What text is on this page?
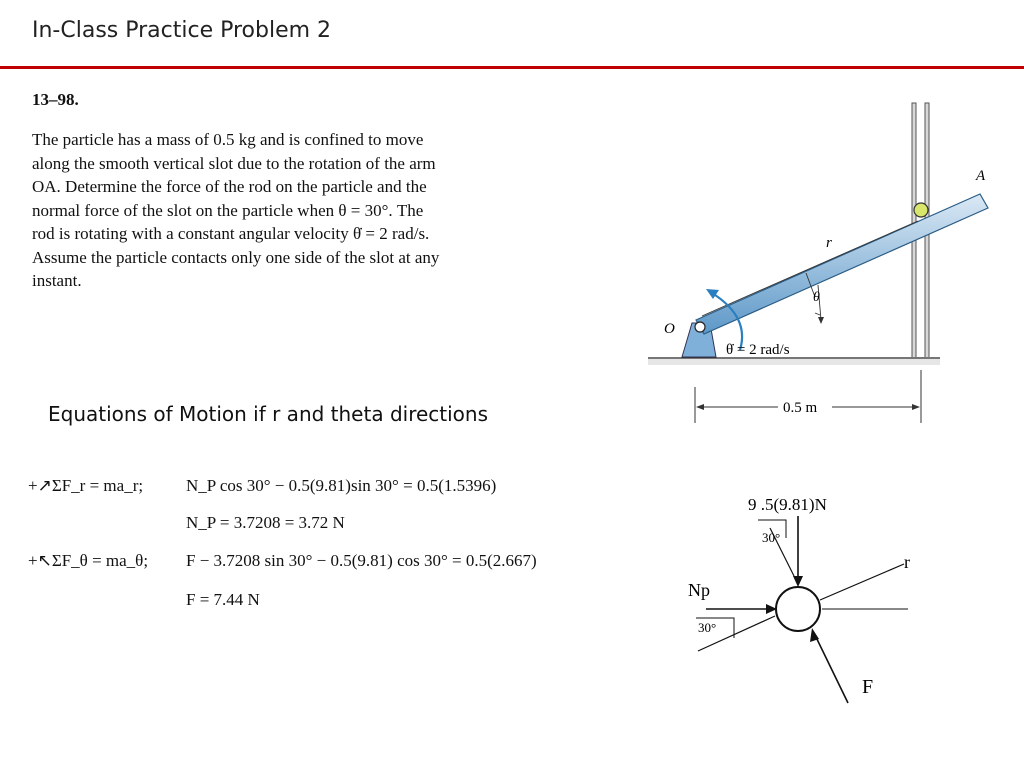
In-Class Practice Problem 2
13–98.
The particle has a mass of 0.5 kg and is confined to move
along the smooth vertical slot due to the rotation of the arm
OA. Determine the force of the rod on the particle and the
normal force of the slot on the particle when θ = 30°. The
rod is rotating with a constant angular velocity θ̇ = 2 rad/s.
Assume the particle contacts only one side of the slot at any
instant.
A
O
r
θ
θ̇ = 2 rad/s
0.5 m
Equations of Motion if r and theta directions
+↗ΣF_r = ma_r;	N_P cos 30° − 0.5(9.81)sin 30° = 0.5(1.5396)
N_P = 3.7208 = 3.72 N
+↖ΣF_θ = ma_θ; F − 3.7208 sin 30° − 0.5(9.81) cos 30° = 0.5(2.667)
F = 7.44 N
9 .5(9.81)N
30°
Np
30°
r
F
